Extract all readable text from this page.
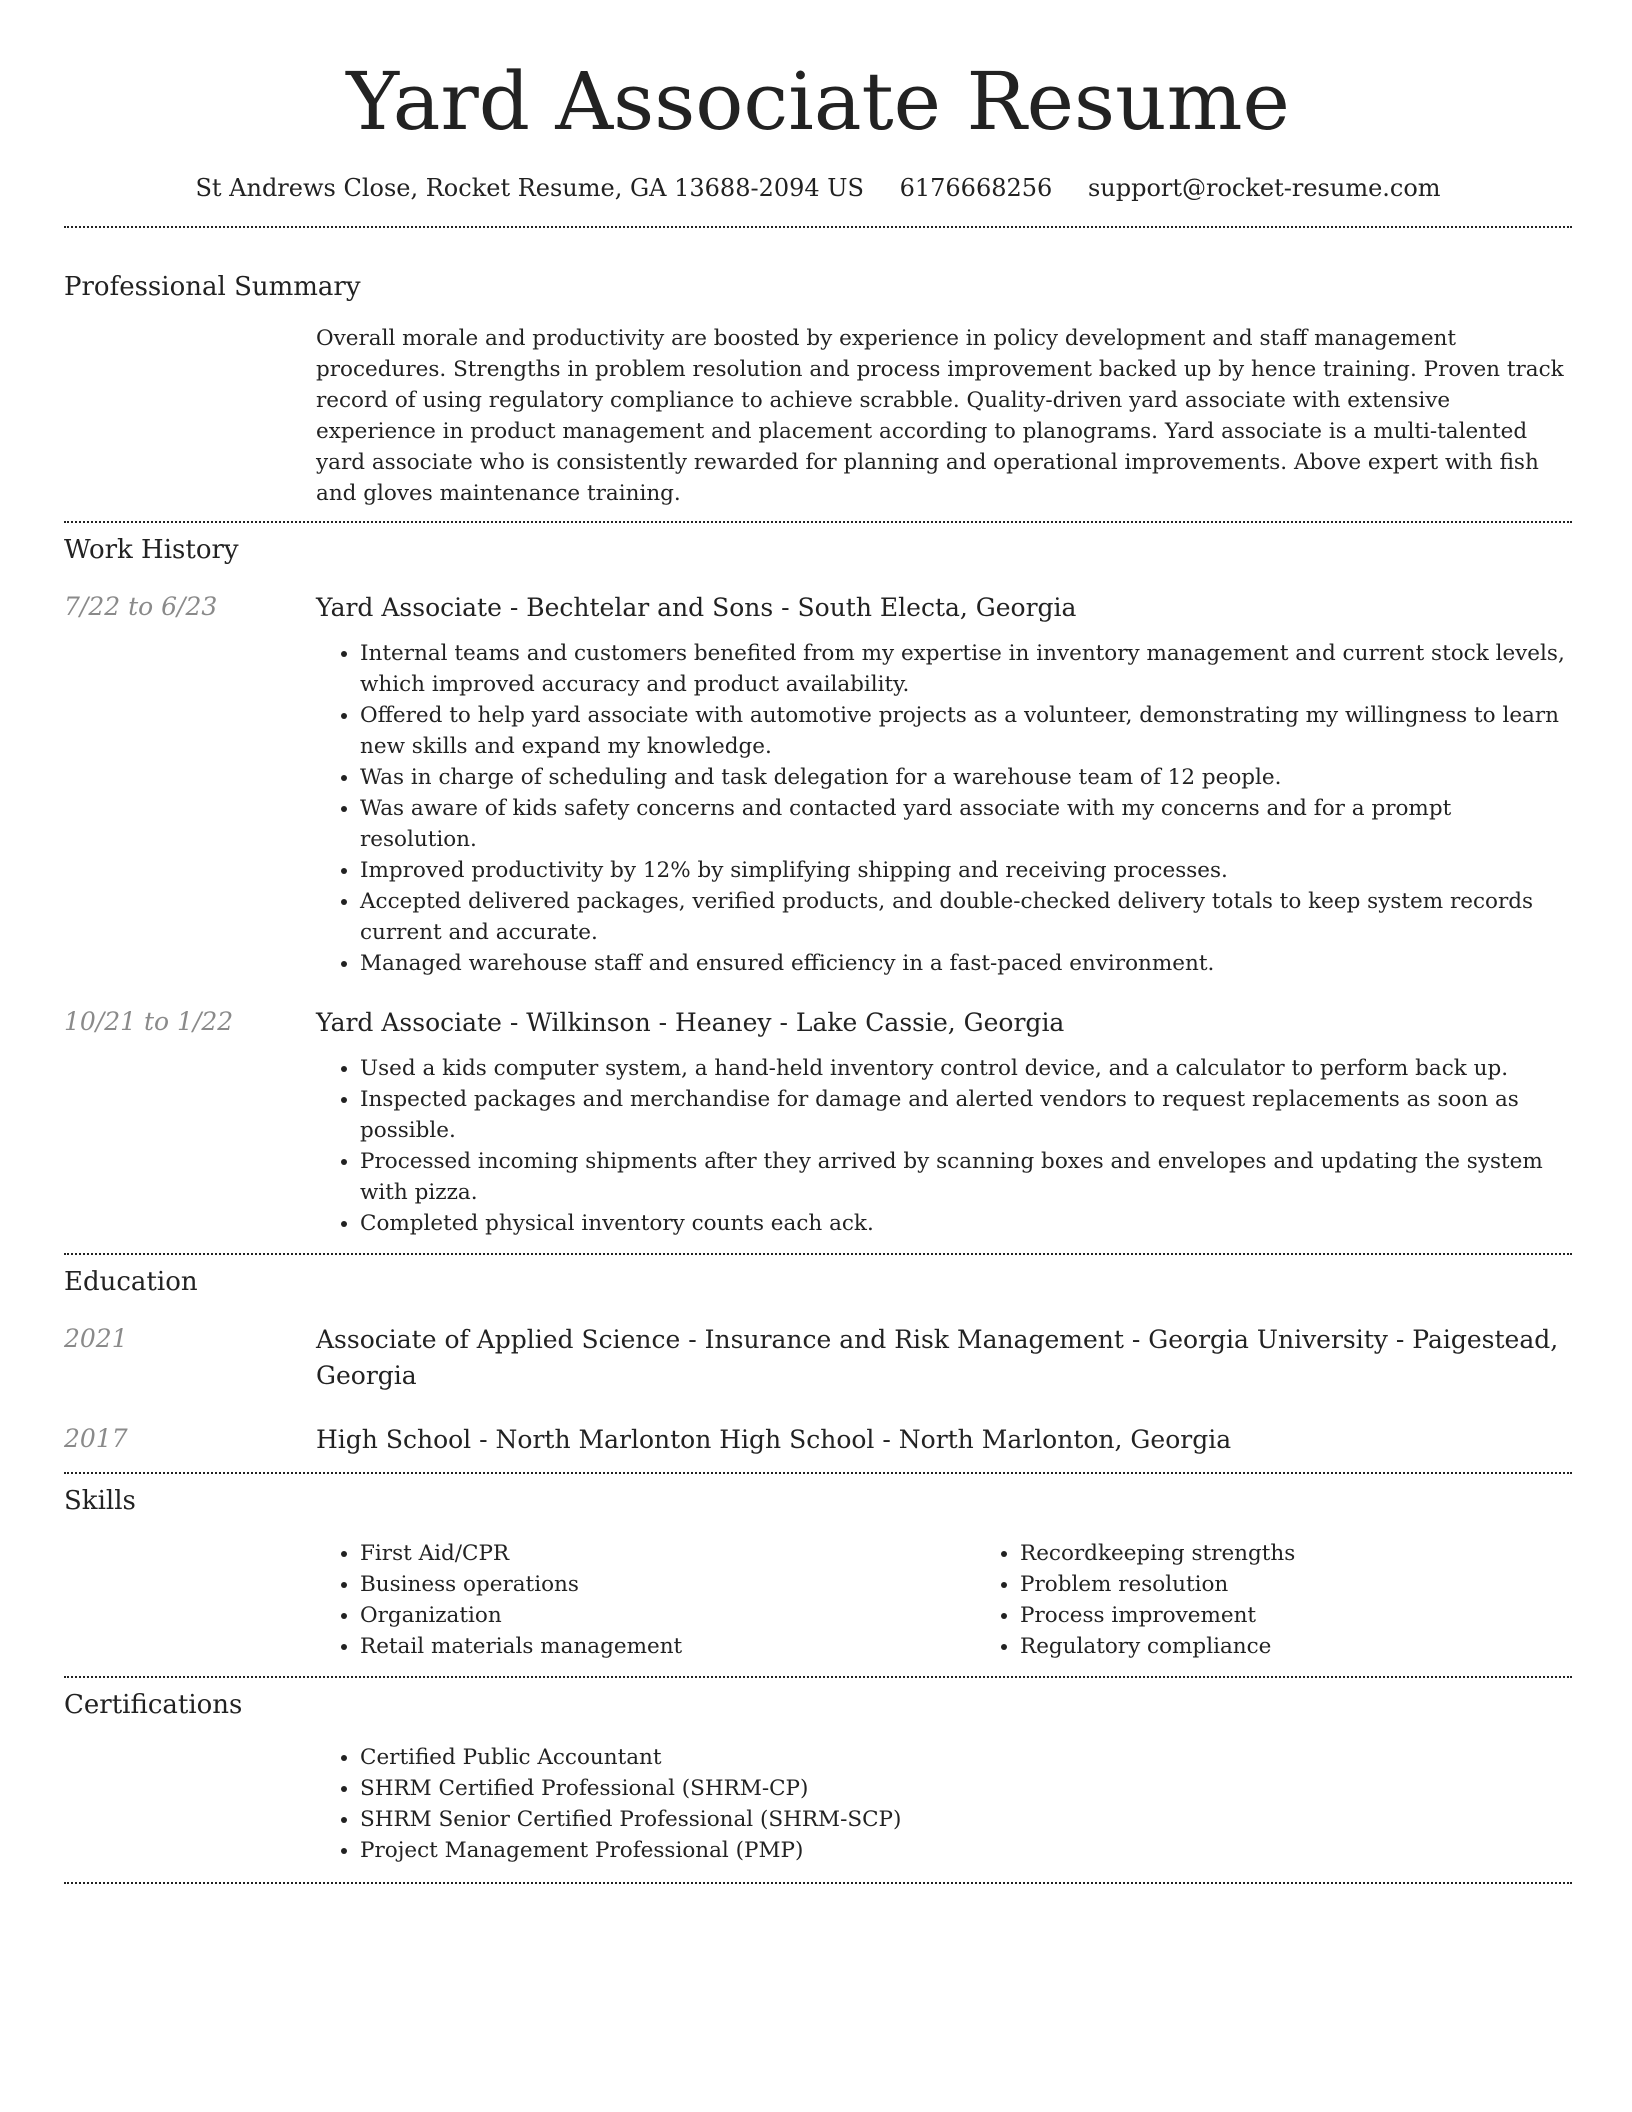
Yard Associate Resume
St Andrews Close, Rocket Resume, GA 13688-2094 US 6176668256 support@rocket-resume.com
Professional Summary
Overall morale and productivity are boosted by experience in policy development and staff management procedures. Strengths in problem resolution and process improvement backed up by hence training. Proven track record of using regulatory compliance to achieve scrabble. Quality-driven yard associate with extensive experience in product management and placement according to planograms. Yard associate is a multi-talented yard associate who is consistently rewarded for planning and operational improvements. Above expert with fish and gloves maintenance training.
Work History
7/22 to 6/23	Yard Associate - Bechtelar and Sons - South Electa, Georgia
• Internal teams and customers benefited from my expertise in inventory management and current stock levels, which improved accuracy and product availability.
• Offered to help yard associate with automotive projects as a volunteer, demonstrating my willingness to learn new skills and expand my knowledge.
• Was in charge of scheduling and task delegation for a warehouse team of 12 people.
• Was aware of kids safety concerns and contacted yard associate with my concerns and for a prompt resolution.
• Improved productivity by 12% by simplifying shipping and receiving processes.
• Accepted delivered packages, verified products, and double-checked delivery totals to keep system records current and accurate.
• Managed warehouse staff and ensured efficiency in a fast-paced environment.
10/21 to 1/22	Yard Associate - Wilkinson - Heaney - Lake Cassie, Georgia
• Used a kids computer system, a hand-held inventory control device, and a calculator to perform back up.
• Inspected packages and merchandise for damage and alerted vendors to request replacements as soon as possible.
• Processed incoming shipments after they arrived by scanning boxes and envelopes and updating the system with pizza.
• Completed physical inventory counts each ack.
Education
2021	Associate of Applied Science - Insurance and Risk Management - Georgia University - Paigestead, Georgia
2017	High School - North Marlonton High School - North Marlonton, Georgia
Skills
• First Aid/CPR
• Business operations
• Organization
• Retail materials management
• Recordkeeping strengths
• Problem resolution
• Process improvement
• Regulatory compliance
Certifications
• Certified Public Accountant
• SHRM Certified Professional (SHRM-CP)
• SHRM Senior Certified Professional (SHRM-SCP)
• Project Management Professional (PMP)
